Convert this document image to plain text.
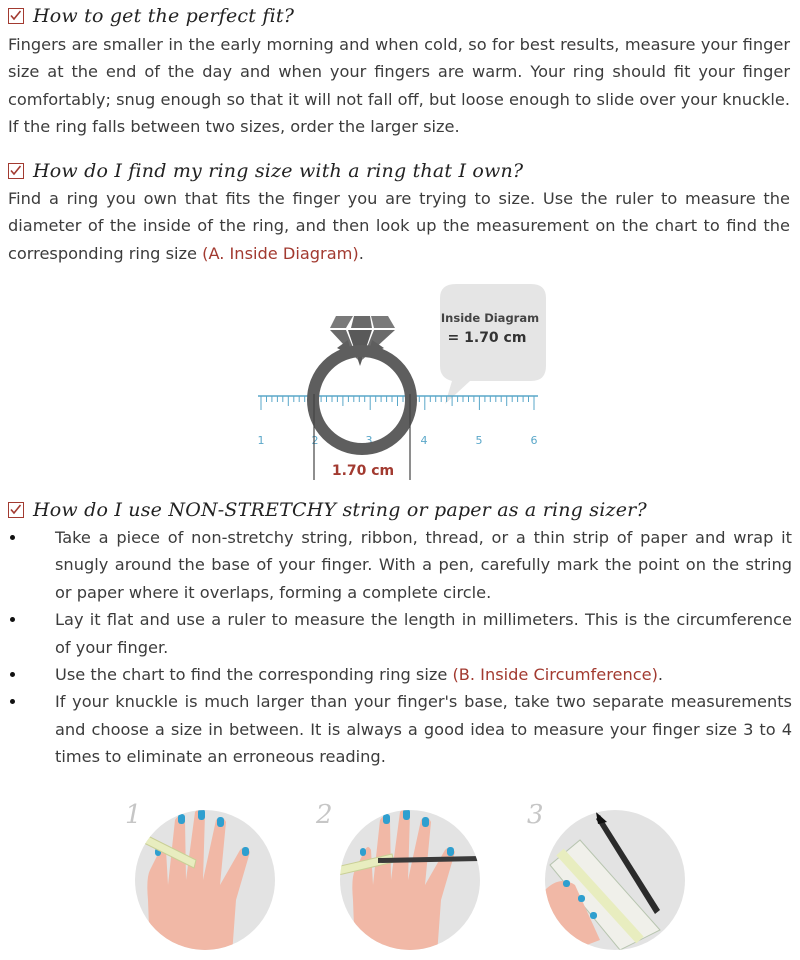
How to get the perfect fit?
Fingers are smaller in the early morning and when cold, so for best results, measure your finger size at the end of the day and when your fingers are warm. Your ring should fit your finger comfortably; snug enough so that it will not fall off, but loose enough to slide over your knuckle. If the ring falls between two sizes, order the larger size.
How do I find my ring size with a ring that I own?
Find a ring you own that fits the finger you are trying to size. Use the ruler to measure the diameter of the inside of the ring, and then look up the measurement on the chart to find the corresponding ring size (A. Inside Diagram).
Inside Diagram
= 1.70 cm
1	2	3	4	5	6
1.70 cm
How do I use NON-STRETCHY string or paper as a ring sizer?
Take a piece of non-stretchy string, ribbon, thread, or a thin strip of paper and wrap it snugly around the base of your finger. With a pen, carefully mark the point on the string or paper where it overlaps, forming a complete circle.
Lay it flat and use a ruler to measure the length in millimeters. This is the circumference of your finger.
Use the chart to find the corresponding ring size (B. Inside Circumference).
If your knuckle is much larger than your finger's base, take two separate measurements and choose a size in between. It is always a good idea to measure your finger size 3 to 4 times to eliminate an erroneous reading.
1	2	3
